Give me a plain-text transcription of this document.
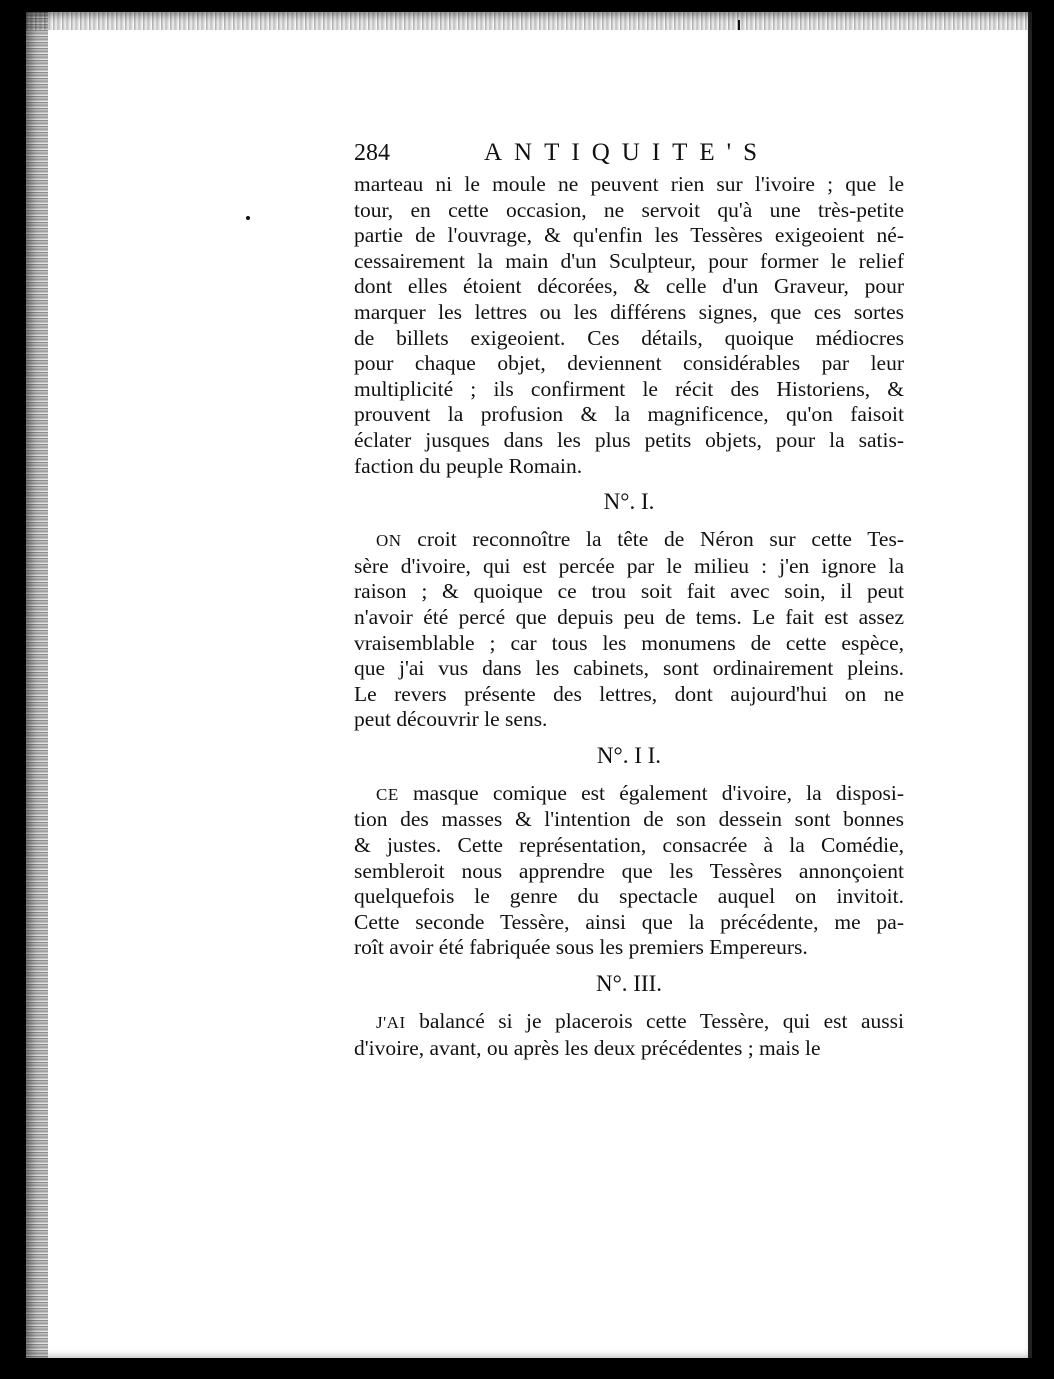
284	ANTIQUITE'S
marteau ni le moule ne peuvent rien sur l'ivoire ; que le
tour, en cette occasion, ne servoit qu'à une très-petite
partie de l'ouvrage, & qu'enfin les Tessères exigeoient né-
cessairement la main d'un Sculpteur, pour former le relief
dont elles étoient décorées, & celle d'un Graveur, pour
marquer les lettres ou les différens signes, que ces sortes
de billets exigeoient. Ces détails, quoique médiocres
pour chaque objet, deviennent considérables par leur
multiplicité ; ils confirment le récit des Historiens, &
prouvent la profusion & la magnificence, qu'on faisoit
éclater jusques dans les plus petits objets, pour la satis-
faction du peuple Romain.
N°. I.
ON croit reconnoître la tête de Néron sur cette Tes-
sère d'ivoire, qui est percée par le milieu : j'en ignore la
raison ; & quoique ce trou soit fait avec soin, il peut
n'avoir été percé que depuis peu de tems. Le fait est assez
vraisemblable ; car tous les monumens de cette espèce,
que j'ai vus dans les cabinets, sont ordinairement pleins.
Le revers présente des lettres, dont aujourd'hui on ne
peut découvrir le sens.
N°. I I.
CE masque comique est également d'ivoire, la disposi-
tion des masses & l'intention de son dessein sont bonnes
& justes. Cette représentation, consacrée à la Comédie,
sembleroit nous apprendre que les Tessères annonçoient
quelquefois le genre du spectacle auquel on invitoit.
Cette seconde Tessère, ainsi que la précédente, me pa-
roît avoir été fabriquée sous les premiers Empereurs.
N°. III.
J'AI balancé si je placerois cette Tessère, qui est aussi
d'ivoire, avant, ou après les deux précédentes ; mais le
